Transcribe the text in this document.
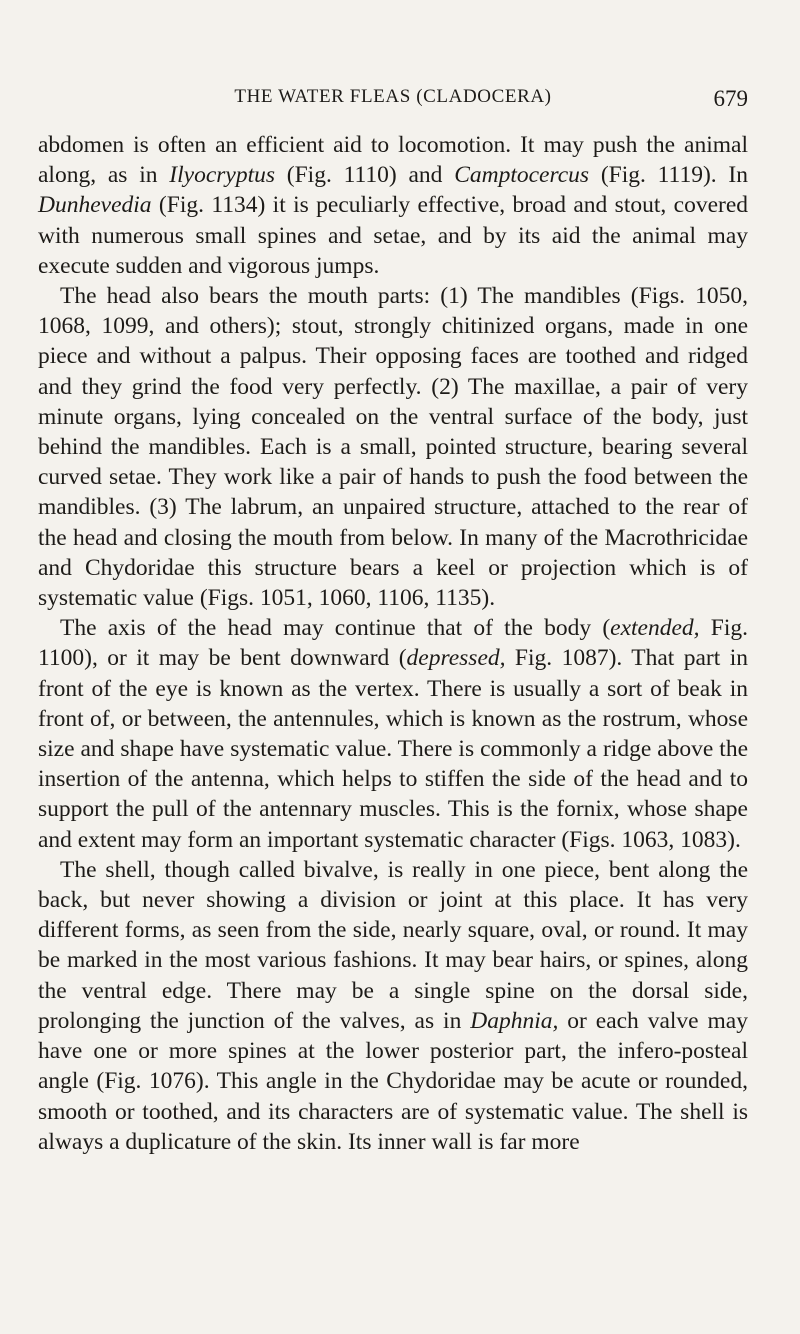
THE WATER FLEAS (CLADOCERA)	679

abdomen is often an efficient aid to locomotion. It may push the animal along, as in Ilyocryptus (Fig. 1110) and Camptocercus (Fig. 1119). In Dunhevedia (Fig. 1134) it is peculiarly effective, broad and stout, covered with numerous small spines and setae, and by its aid the animal may execute sudden and vigorous jumps.

The head also bears the mouth parts: (1) The mandibles (Figs. 1050, 1068, 1099, and others); stout, strongly chitinized organs, made in one piece and without a palpus. Their opposing faces are toothed and ridged and they grind the food very perfectly. (2) The maxillae, a pair of very minute organs, lying concealed on the ventral surface of the body, just behind the mandibles. Each is a small, pointed structure, bearing several curved setae. They work like a pair of hands to push the food between the mandibles. (3) The labrum, an unpaired structure, attached to the rear of the head and closing the mouth from below. In many of the Macrothricidae and Chydoridae this structure bears a keel or projection which is of systematic value (Figs. 1051, 1060, 1106, 1135).

The axis of the head may continue that of the body (extended, Fig. 1100), or it may be bent downward (depressed, Fig. 1087). That part in front of the eye is known as the vertex. There is usually a sort of beak in front of, or between, the antennules, which is known as the rostrum, whose size and shape have systematic value. There is commonly a ridge above the insertion of the antenna, which helps to stiffen the side of the head and to support the pull of the antennary muscles. This is the fornix, whose shape and extent may form an important systematic character (Figs. 1063, 1083).

The shell, though called bivalve, is really in one piece, bent along the back, but never showing a division or joint at this place. It has very different forms, as seen from the side, nearly square, oval, or round. It may be marked in the most various fashions. It may bear hairs, or spines, along the ventral edge. There may be a single spine on the dorsal side, prolonging the junction of the valves, as in Daphnia, or each valve may have one or more spines at the lower posterior part, the infero-posteal angle (Fig. 1076). This angle in the Chydoridae may be acute or rounded, smooth or toothed, and its characters are of systematic value. The shell is always a duplicature of the skin. Its inner wall is far more
